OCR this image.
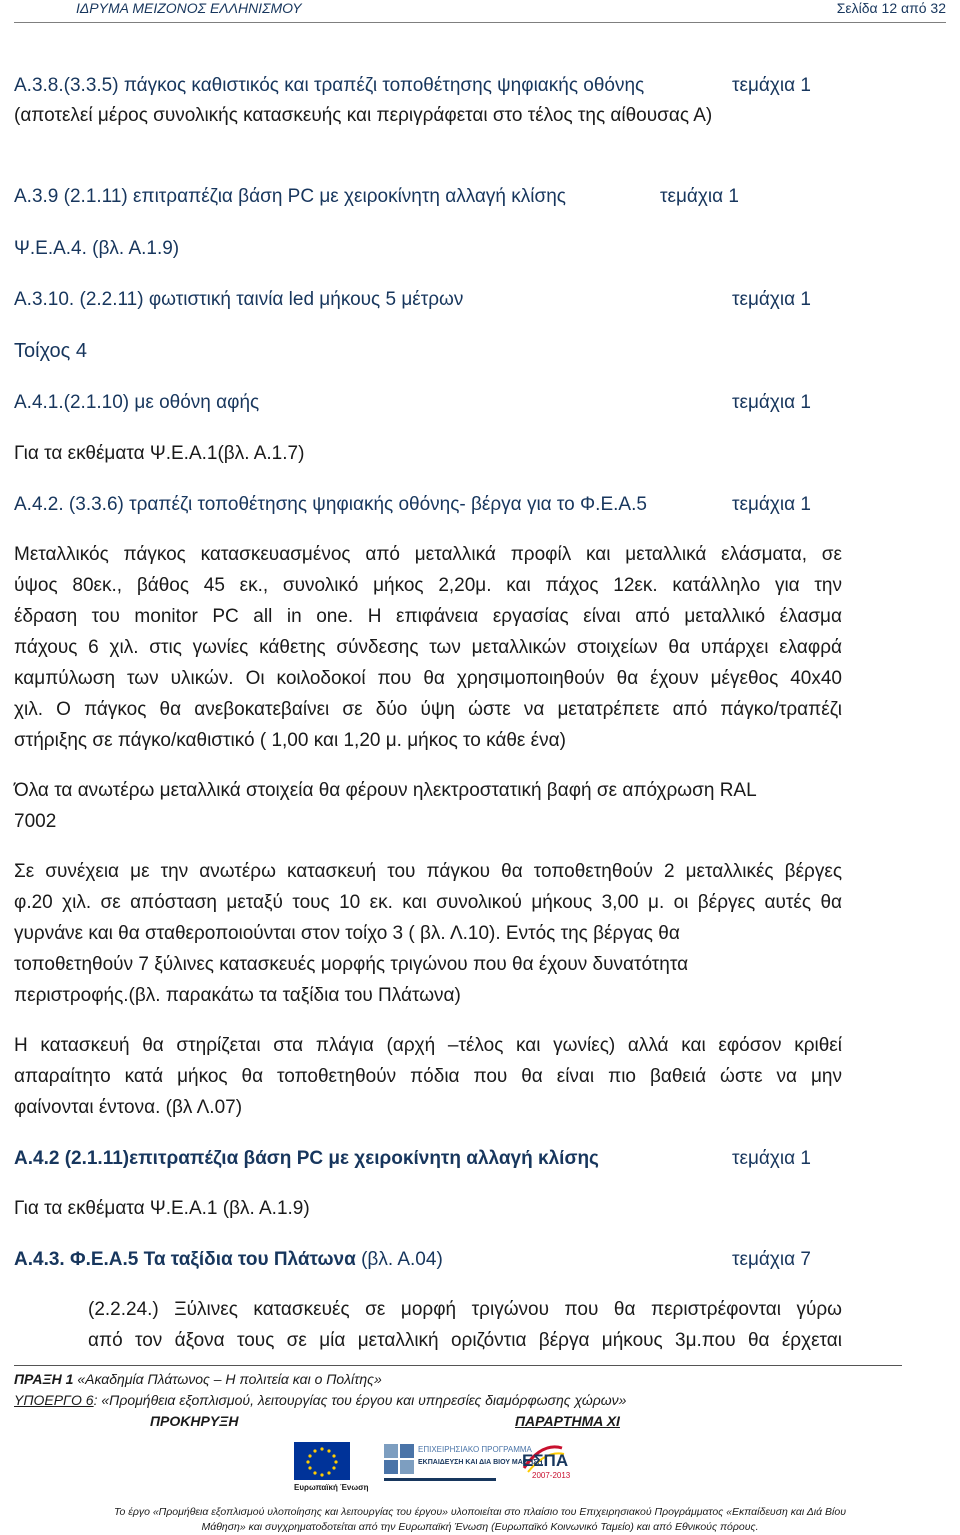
ΙΔΡΥΜΑ ΜΕΙΖΟΝΟΣ ΕΛΛΗΝΙΣΜΟΥ	Σελίδα 12 από 32
Α.3.8.(3.3.5) πάγκος καθιστικός και τραπέζι τοποθέτησης ψηφιακής οθόνης	τεμάχια 1
(αποτελεί μέρος συνολικής κατασκευής και περιγράφεται στο τέλος της αίθουσας Α)
Α.3.9 (2.1.11) επιτραπέζια βάση PC με χειροκίνητη αλλαγή κλίσης	τεμάχια 1
Ψ.Ε.Α.4. (βλ. Α.1.9)
Α.3.10. (2.2.11) φωτιστική ταινία led μήκους 5 μέτρων	τεμάχια 1
Τοίχος 4
Α.4.1.(2.1.10) με οθόνη αφής	τεμάχια 1
Για τα εκθέματα Ψ.Ε.Α.1(βλ. Α.1.7)
Α.4.2. (3.3.6) τραπέζι τοποθέτησης ψηφιακής οθόνης- βέργα για το Φ.Ε.Α.5	τεμάχια 1
Μεταλλικός πάγκος κατασκευασμένος από μεταλλικά προφίλ και μεταλλικά ελάσματα, σε
ύψος 80εκ., βάθος 45 εκ., συνολικό μήκος 2,20μ. και πάχος 12εκ. κατάλληλο για την
έδραση του monitor PC all in one. Η επιφάνεια εργασίας είναι από μεταλλικό έλασμα
πάχους 6 χιλ. στις γωνίες κάθετης σύνδεσης των μεταλλικών στοιχείων θα υπάρχει ελαφρά
καμπύλωση των υλικών. Οι κοιλοδοκοί που θα χρησιμοποιηθούν θα έχουν μέγεθος 40x40
χιλ. Ο πάγκος θα ανεβοκατεβαίνει σε δύο ύψη ώστε να μετατρέπετε από πάγκο/τραπέζι
στήριξης σε πάγκο/καθιστικό ( 1,00 και 1,20 μ. μήκος το κάθε ένα)
Όλα τα ανωτέρω μεταλλικά στοιχεία θα φέρουν ηλεκτροστατική βαφή σε απόχρωση RAL
7002
Σε συνέχεια με την ανωτέρω κατασκευή του πάγκου θα τοποθετηθούν 2 μεταλλικές βέργες
φ.20 χιλ. σε απόσταση μεταξύ τους 10 εκ. και συνολικού μήκους 3,00 μ. οι βέργες αυτές θα
γυρνάνε και θα σταθεροποιούνται στον τοίχο 3 ( βλ. Λ.10). Εντός της βέργας θα
τοποθετηθούν 7 ξύλινες κατασκευές μορφής τριγώνου που θα έχουν δυνατότητα
περιστροφής.(βλ. παρακάτω τα ταξίδια του Πλάτωνα)
Η κατασκευή θα στηρίζεται στα πλάγια (αρχή –τέλος και γωνίες) αλλά και εφόσον κριθεί
απαραίτητο κατά μήκος θα τοποθετηθούν πόδια που θα είναι πιο βαθειά ώστε να μην
φαίνονται έντονα. (βλ Λ.07)
Α.4.2 (2.1.11)επιτραπέζια βάση PC με χειροκίνητη αλλαγή κλίσης	τεμάχια 1
Για τα εκθέματα Ψ.Ε.Α.1 (βλ. Α.1.9)
Α.4.3. Φ.Ε.Α.5 Τα ταξίδια του Πλάτωνα (βλ. Α.04)	τεμάχια 7
(2.2.24.) Ξύλινες κατασκευές σε μορφή τριγώνου που θα περιστρέφονται γύρω
από τον άξονα τους σε μία μεταλλική οριζόντια βέργα μήκους 3μ.που θα έρχεται
ΠΡΑΞΗ 1 «Ακαδημία Πλάτωνος – Η πολιτεία και ο Πολίτης»
ΥΠΟΕΡΓΟ 6: «Προμήθεια εξοπλισμού, λειτουργίας του έργου και υπηρεσίες διαμόρφωσης χώρων»
ΠΡΟΚΗΡΥΞΗ	ΠΑΡΑΡΤΗΜΑ ΧΙ
Ευρωπαϊκή Ένωση
ΕΠΙΧΕΙΡΗΣΙΑΚΟ ΠΡΟΓΡΑΜΜΑ
ΕΚΠΑΙΔΕΥΣΗ ΚΑΙ ΔΙΑ ΒΙΟΥ ΜΑΘΗΣΗ
ΕΣΠΑ
2007-2013
Το έργο «Προμήθεια εξοπλισμού υλοποίησης και λειτουργίας του έργου» υλοποιείται στο πλαίσιο του Επιχειρησιακού Προγράμματος «Εκπαίδευση και Διά Βίου
Μάθηση» και συγχρηματοδοτείται από την Ευρωπαϊκή Ένωση (Ευρωπαϊκό Κοινωνικό Ταμείο) και από Εθνικούς πόρους.
